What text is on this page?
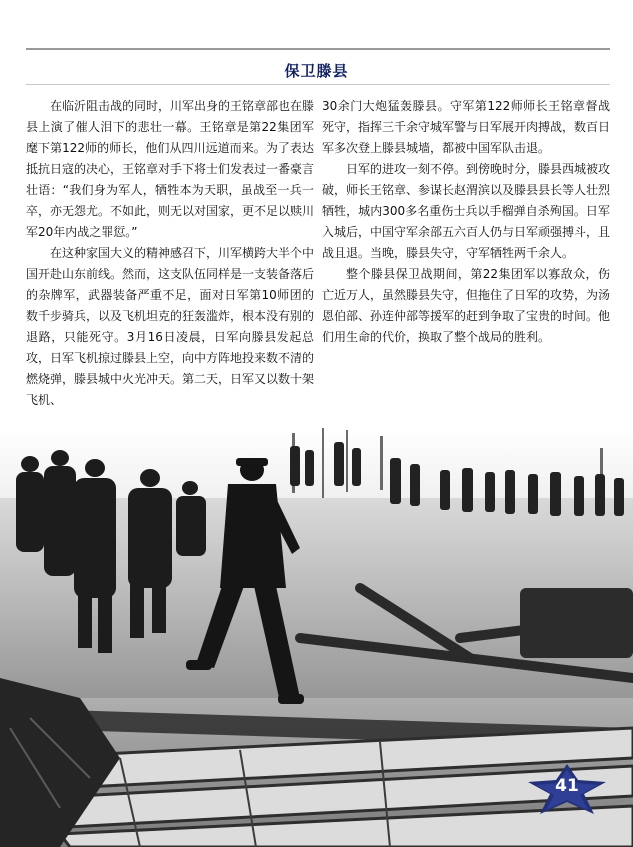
保卫滕县

在临沂阻击战的同时，川军出身的王铭章部也在滕县上演了催人泪下的悲壮一幕。王铭章是第22集团军麾下第122师的师长，他们从四川远道而来。为了表达抵抗日寇的决心，王铭章对手下将士们发表过一番豪言壮语：“我们身为军人，牺牲本为天职，虽战至一兵一卒，亦无怨尤。不如此，则无以对国家，更不足以赎川军20年内战之罪愆。”

在这种家国大义的精神感召下，川军横跨大半个中国开赴山东前线。然而，这支队伍同样是一支装备落后的杂牌军，武器装备严重不足，面对日军第10师团的数千步骑兵，以及飞机坦克的狂轰滥炸，根本没有别的退路，只能死守。3月16日凌晨，日军向滕县发起总攻，日军飞机掠过滕县上空，向中方阵地投来数不清的燃烧弹，滕县城中火光冲天。第二天，日军又以数十架飞机、

30余门大炮猛轰滕县。守军第122师师长王铭章督战死守，指挥三千余守城军警与日军展开肉搏战，数百日军多次登上滕县城墙，都被中国军队击退。

日军的进攻一刻不停。到傍晚时分，滕县西城被攻破，师长王铭章、参谋长赵渭滨以及滕县县长等人壮烈牺牲，城内300多名重伤士兵以手榴弹自杀殉国。日军入城后，中国守军余部五六百人仍与日军顽强搏斗，且战且退。当晚，滕县失守，守军牺牲两千余人。

整个滕县保卫战期间，第22集团军以寡敌众，伤亡近万人，虽然滕县失守，但拖住了日军的攻势，为汤恩伯部、孙连仲部等援军的赶到争取了宝贵的时间。他们用生命的代价，换取了整个战局的胜利。

41
